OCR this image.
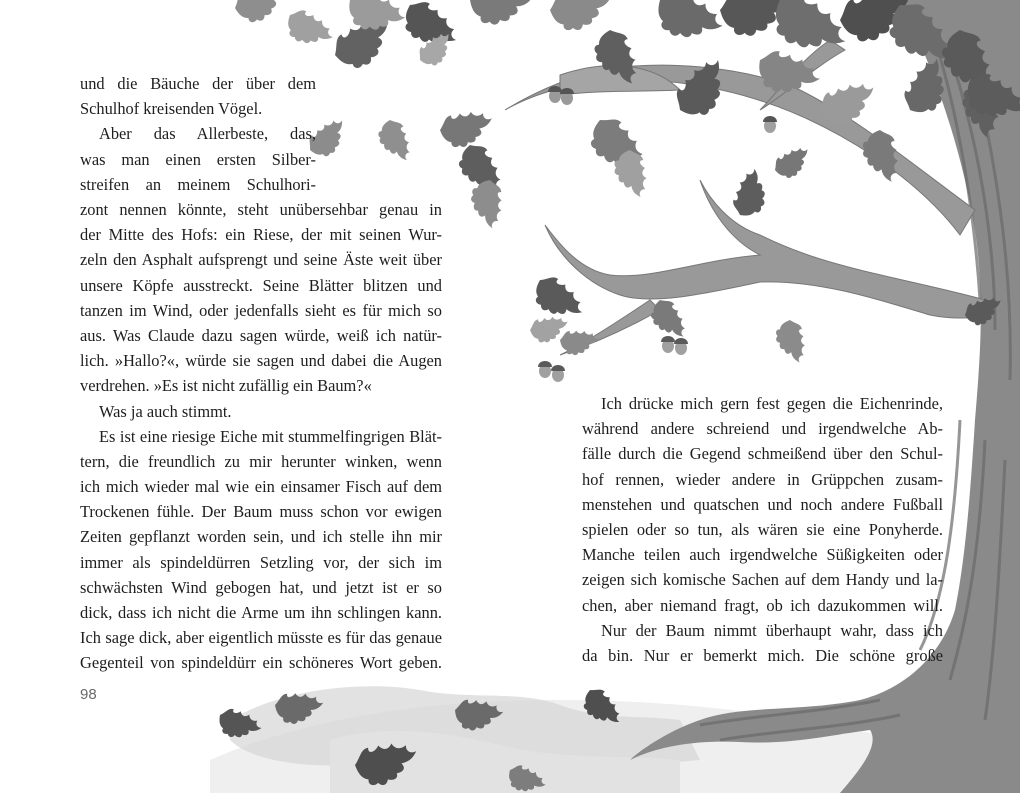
und die Bäuche der über dem
Schulhof kreisenden Vögel.
Aber das Allerbeste, das,
was man einen ersten Silber-
streifen an meinem Schulhori-
zont nennen könnte, steht unübersehbar genau in
der Mitte des Hofs: ein Riese, der mit seinen Wur-
zeln den Asphalt aufsprengt und seine Äste weit über
unsere Köpfe ausstreckt. Seine Blätter blitzen und
tanzen im Wind, oder jedenfalls sieht es für mich so
aus. Was Claude dazu sagen würde, weiß ich natür-
lich. »Hallo?«, würde sie sagen und dabei die Augen
verdrehen. »Es ist nicht zufällig ein Baum?«
Was ja auch stimmt.
Es ist eine riesige Eiche mit stummelfingrigen Blät-
tern, die freundlich zu mir herunter winken, wenn
ich mich wieder mal wie ein einsamer Fisch auf dem
Trockenen fühle. Der Baum muss schon vor ewigen
Zeiten gepflanzt worden sein, und ich stelle ihn mir
immer als spindeldürren Setzling vor, der sich im
schwächsten Wind gebogen hat, und jetzt ist er so
dick, dass ich nicht die Arme um ihn schlingen kann.
Ich sage dick, aber eigentlich müsste es für das genaue
Gegenteil von spindeldürr ein schöneres Wort geben.
Ich drücke mich gern fest gegen die Eichenrinde,
während andere schreiend und irgendwelche Ab-
fälle durch die Gegend schmeißend über den Schul-
hof rennen, wieder andere in Grüppchen zusam-
menstehen und quatschen und noch andere Fußball
spielen oder so tun, als wären sie eine Ponyherde.
Manche teilen auch irgendwelche Süßigkeiten oder
zeigen sich komische Sachen auf dem Handy und la-
chen, aber niemand fragt, ob ich dazukommen will.
Nur der Baum nimmt überhaupt wahr, dass ich
da bin. Nur er bemerkt mich. Die schöne große
98
